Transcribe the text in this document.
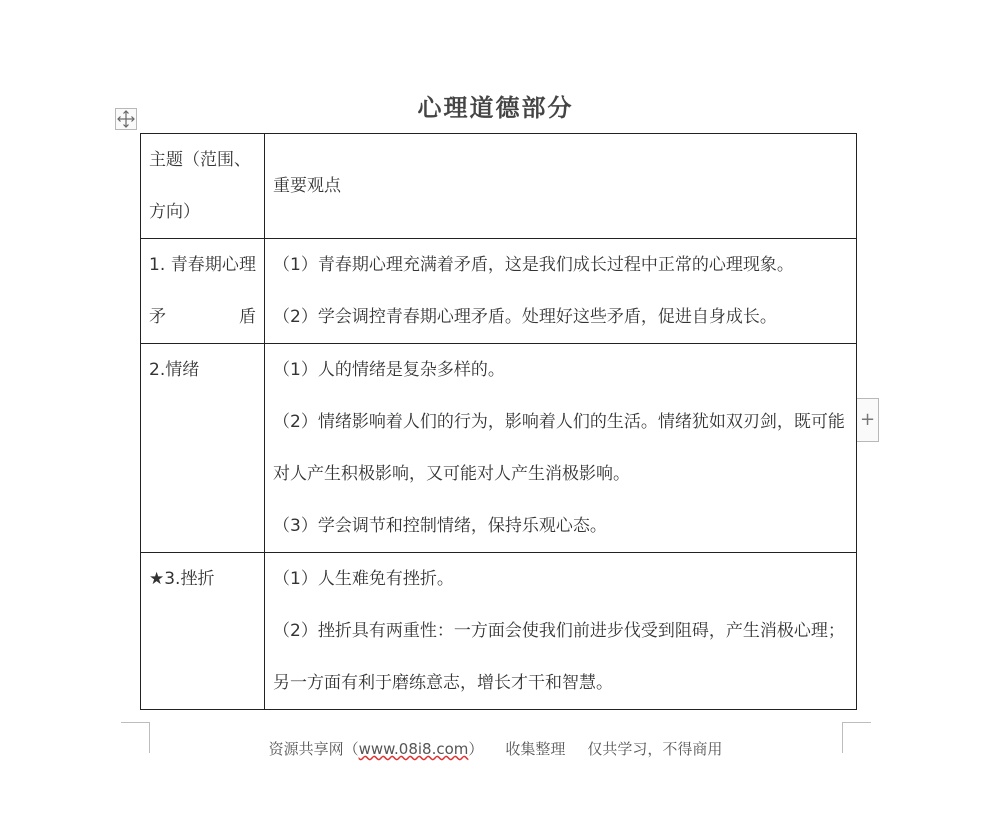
心理道德部分
主题（范围、方向）	重要观点

1. 青春期心理矛盾	（1）青春期心理充满着矛盾，这是我们成长过程中正常的心理现象。
（2）学会调控青春期心理矛盾。处理好这些矛盾，促进自身成长。

2.情绪	（1）人的情绪是复杂多样的。
（2）情绪影响着人们的行为，影响着人们的生活。情绪犹如双刃剑，既可能对人产生积极影响，又可能对人产生消极影响。
（3）学会调节和控制情绪，保持乐观心态。

★3.挫折	（1）人生难免有挫折。
（2）挫折具有两重性：一方面会使我们前进步伐受到阻碍，产生消极心理；另一方面有利于磨练意志，增长才干和智慧。
+
资源共享网（www.08i8.com） 收集整理 仅共学习，不得商用
